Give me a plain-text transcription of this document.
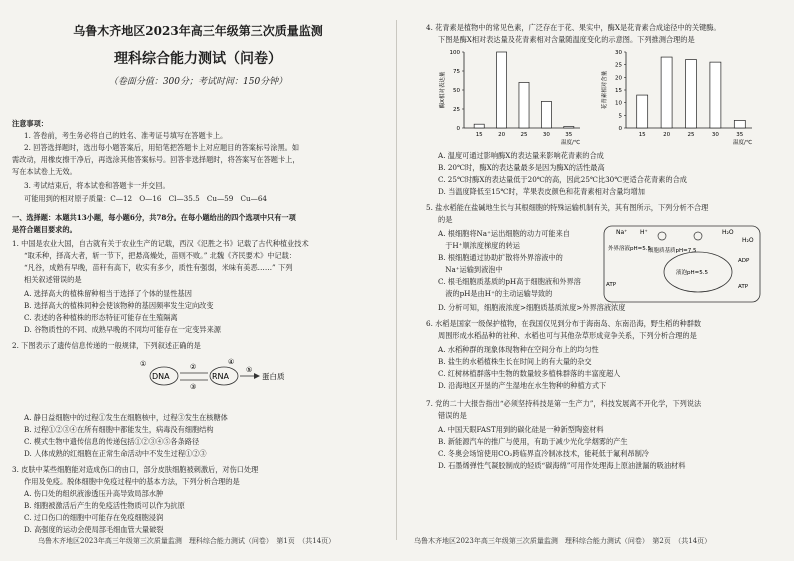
乌鲁木齐地区2023年高三年级第三次质量监测
理科综合能力测试（问卷）
（卷面分值：300分；考试时间：150分钟）
注意事项：
1. 答卷前，考生务必将自己的姓名、准考证号填写在答题卡上。
2. 回答选择题时，选出每小题答案后，用铅笔把答题卡上对应题目的答案标号涂黑。如
需改动，用橡皮擦干净后，再选涂其他答案标号。回答非选择题时，将答案写在答题卡上，
写在本试卷上无效。
3. 考试结束后，将本试卷和答题卡一并交回。
可能用到的相对原子质量：C—12　O—16　Cl—35.5　Cu—59　Cu—64
一、选择题：本题共13小题，每小题6分，共78分。在每小题给出的四个选项中只有一项
是符合题目要求的。
1. 中国是农业大国，自古就有关于农业生产的记载，西汉《氾胜之书》记载了古代种植业技术
“取禾种，择高大者，斩一节下，把悬高燥处，苗则不败。” 北魏《齐民要术》中记载：
“凡谷，成熟有早晚，苗秆有高下，收实有多少，质性有强弱，米味有美恶……” 下列
相关叙述错误的是
A. 选择高大的植株留种相当于选择了个体的显性基因
B. 选择高大的植株同种会使该物种的基因频率发生定向改变
C. 表述的各种植株的形态特征可能存在生殖隔离
D. 谷物质性的不同、成熟早晚的不同均可能存在一定变异来源
2. 下图表示了遗传信息传递的一般规律，下列叙述正确的是
DNA
①	②
③
RNA
④
⑤
蛋白质
A. 静日益细胞中的过程①发生在细胞核中，过程③发生在核糖体
B. 过程①②③④在所有细胞中都能发生，病毒没有细胞结构
C. 模式生物中遗传信息的传递包括①②③④⑤各条路径
D. 人体成熟的红细胞在正常生命活动中不发生过程①②③
3. 皮肤中某些细胞能对造成伤口的由口，部分皮肤细胞被刺激后，对伤口处理
作用及免疫。脱体细胞中免疫过程中的基本方法，下列分析合理的是
A. 伤口处的组织液渗透压升高导致局部水肿
B. 细胞被激活后产生的免疫活性物质可以作为抗原
C. 过口伤口的细胞中可能存在免疫细胞浸润
D. 高强度的运动会使局部毛细血管大量破裂
乌鲁木齐地区2023年高三年级第三次质量监测　理科综合能力测试（问卷）　第1页　（共14页）
4. 花青素是植物中的常见色素，广泛存在于花、果实中，酶X是花青素合成途径中的关键酶。
下图是酶X相对表达量及花青素相对含量随温度变化的示意图。下列推测合理的是
0
25
50
75
100
酶X相对表达量
15	20	25	30	35
温度/℃
0
5
10
15
20
25
30
花青素相对含量
15	20	25	30	35
温度/℃
A. 温度可通过影响酶X的表达量来影响花青素的合成
B. 20℃时，酶X的表达量最多是因为酶X的活性最高
C. 25℃时酶X的表达量低于20℃的高，因此25℃比30℃更适合花青素的合成
D. 当温度降低至15℃时，苹果表皮颜色和花青素相对含量均增加
5. 盐水稻能在盐碱地生长与其根细胞的特殊运输机制有关，其有图所示，下列分析不合理
的是
A. 根细胞将Na⁺运出细胞的动力可能来自
　于H⁺顺浓度梯度的转运
B. 根细胞通过协助扩散将外界溶液中的
　Na⁺运输到液泡中
C. 根毛细胞质基质的pH高于细胞液和外界溶
　液的pH是由H⁺的主动运输导致的
D. 分析可知，细胞液浓度>细胞质基质浓度>外界溶液浓度
外界溶液pH=5.5
液泡pH=5.5
细胞质基质pH=7.5
Na⁺ H⁺	H₂O
H₂O
ADP
ATP
ATP
6. 水稻是国家一级保护植物，在我国仅见到分布于海南岛、东南沿海，野生稻的种群数
周围形成水稻品种的社种、水稻也可与其他杂草形成竞争关系，下列分析合理的是
A. 水稻种群的现象体现物种在空间分布上的均匀性
B. 盐生的水稻植株生长在时间上的有大量的杂交
C. 红树林植群落中生物的数量较多植株群落的丰富度超人
D. 沿海地区开垦的产生湿地在水生物种的种植方式下
7. 党的二十大报告指出“必须坚持科技是第一生产力”，科技发展离不开化学，下列说法
错误的是
A. 中国天眼FAST用到的碳化硅是一种新型陶瓷材料
B. 新能源汽车的推广与使用，有助于减少光化学烟雾的产生
C. 冬奥会场馆使用CO₂跨临界直冷制冰技术，能耗低于氟利昂制冷
D. 石墨烯弹性气凝胶制成的轻质“碳海绵”可用作处理海上原油泄漏的吸油材料
乌鲁木齐地区2023年高三年级第三次质量监测　理科综合能力测试（问卷）　第2页　（共14页）
